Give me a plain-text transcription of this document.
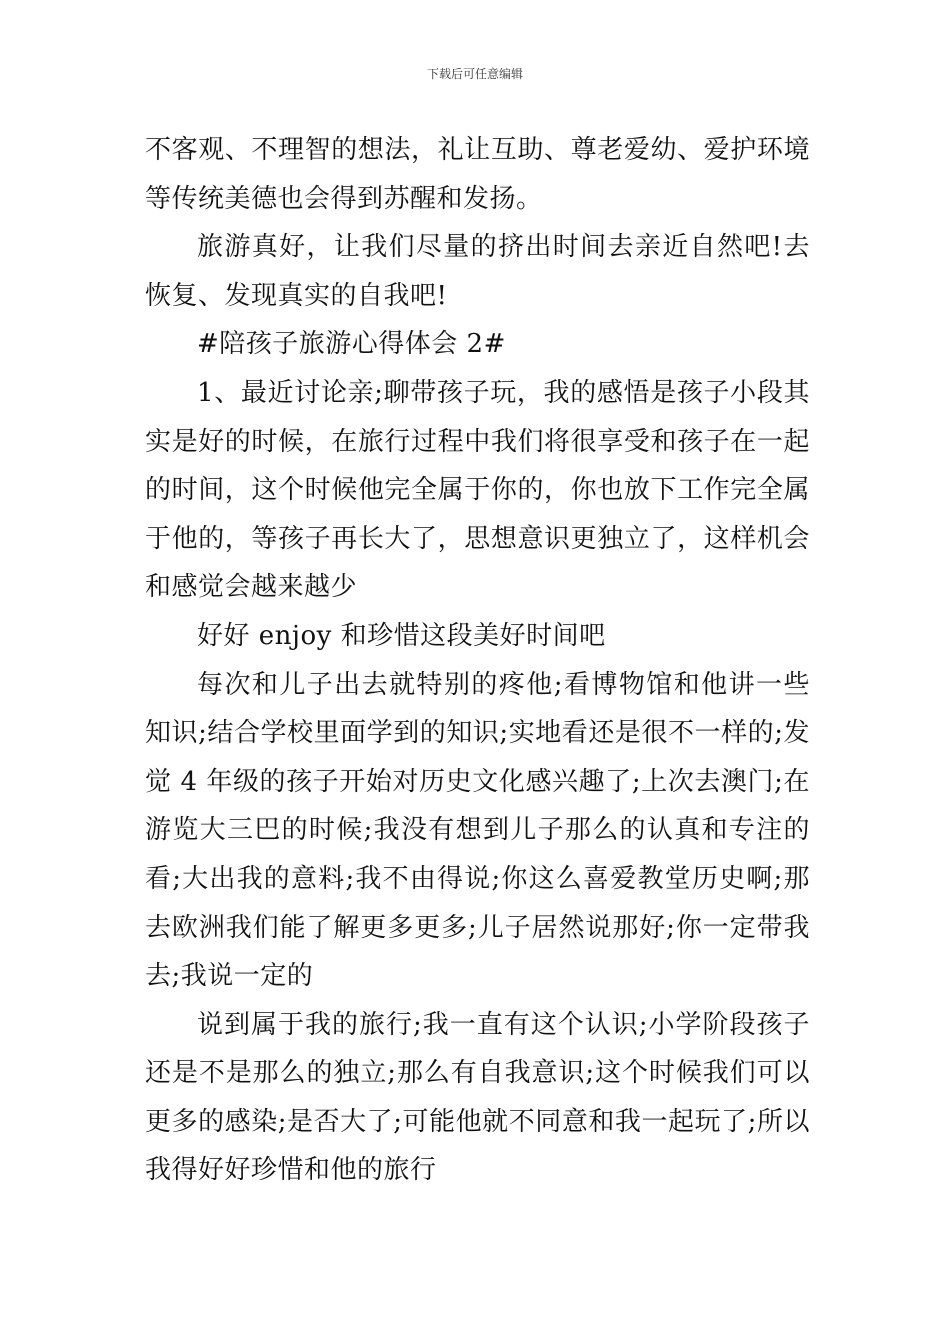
下载后可任意编辑

不客观、不理智的想法，礼让互助、尊老爱幼、爱护环境等传统美德也会得到苏醒和发扬。

旅游真好，让我们尽量的挤出时间去亲近自然吧!去恢复、发现真实的自我吧!

#陪孩子旅游心得体会 2#

1、最近讨论亲;聊带孩子玩，我的感悟是孩子小段其实是好的时候，在旅行过程中我们将很享受和孩子在一起的时间，这个时候他完全属于你的，你也放下工作完全属于他的，等孩子再长大了，思想意识更独立了，这样机会和感觉会越来越少

好好 enjoy 和珍惜这段美好时间吧

每次和儿子出去就特别的疼他;看博物馆和他讲一些知识;结合学校里面学到的知识;实地看还是很不一样的;发觉 4 年级的孩子开始对历史文化感兴趣了;上次去澳门;在游览大三巴的时候;我没有想到儿子那么的认真和专注的看;大出我的意料;我不由得说;你这么喜爱教堂历史啊;那去欧洲我们能了解更多更多;儿子居然说那好;你一定带我去;我说一定的

说到属于我的旅行;我一直有这个认识;小学阶段孩子还是不是那么的独立;那么有自我意识;这个时候我们可以更多的感染;是否大了;可能他就不同意和我一起玩了;所以我得好好珍惜和他的旅行
